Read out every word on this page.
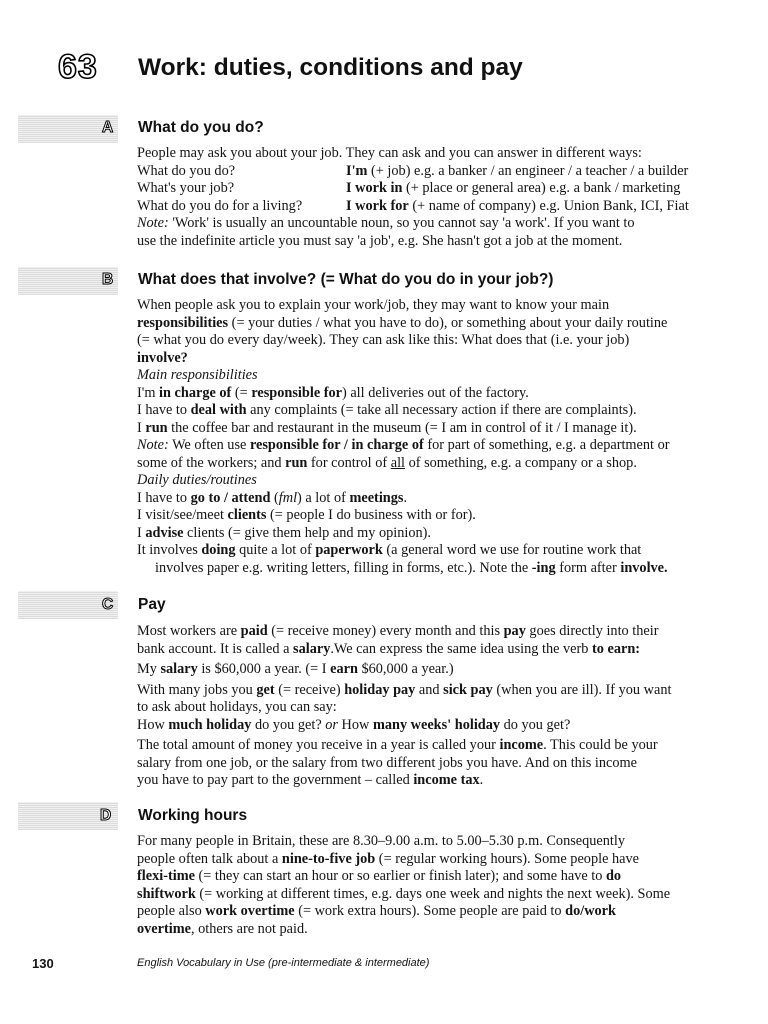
63 Work: duties, conditions and pay
A What do you do?
People may ask you about your job. They can ask and you can answer in different ways:
What do you do?	I'm (+ job) e.g. a banker / an engineer / a teacher / a builder
What's your job?	I work in (+ place or general area) e.g. a bank / marketing
What do you do for a living?	I work for (+ name of company) e.g. Union Bank, ICI, Fiat
Note: 'Work' is usually an uncountable noun, so you cannot say 'a work'. If you want to
use the indefinite article you must say 'a job', e.g. She hasn't got a job at the moment.
B What does that involve? (= What do you do in your job?)
When people ask you to explain your work/job, they may want to know your main
responsibilities (= your duties / what you have to do), or something about your daily routine
(= what you do every day/week). They can ask like this: What does that (i.e. your job)
involve?
Main responsibilities
I'm in charge of (= responsible for) all deliveries out of the factory.
I have to deal with any complaints (= take all necessary action if there are complaints).
I run the coffee bar and restaurant in the museum (= I am in control of it / I manage it).
Note: We often use responsible for / in charge of for part of something, e.g. a department or
some of the workers; and run for control of all of something, e.g. a company or a shop.
Daily duties/routines
I have to go to / attend (fml) a lot of meetings.
I visit/see/meet clients (= people I do business with or for).
I advise clients (= give them help and my opinion).
It involves doing quite a lot of paperwork (a general word we use for routine work that
involves paper e.g. writing letters, filling in forms, etc.). Note the -ing form after involve.
C Pay
Most workers are paid (= receive money) every month and this pay goes directly into their
bank account. It is called a salary.We can express the same idea using the verb to earn:
My salary is $60,000 a year. (= I earn $60,000 a year.)
With many jobs you get (= receive) holiday pay and sick pay (when you are ill). If you want
to ask about holidays, you can say:
How much holiday do you get? or How many weeks' holiday do you get?
The total amount of money you receive in a year is called your income. This could be your
salary from one job, or the salary from two different jobs you have. And on this income
you have to pay part to the government – called income tax.
D Working hours
For many people in Britain, these are 8.30–9.00 a.m. to 5.00–5.30 p.m. Consequently
people often talk about a nine-to-five job (= regular working hours). Some people have
flexi-time (= they can start an hour or so earlier or finish later); and some have to do
shiftwork (= working at different times, e.g. days one week and nights the next week). Some
people also work overtime (= work extra hours). Some people are paid to do/work
overtime, others are not paid.
130	English Vocabulary in Use (pre-intermediate & intermediate)
